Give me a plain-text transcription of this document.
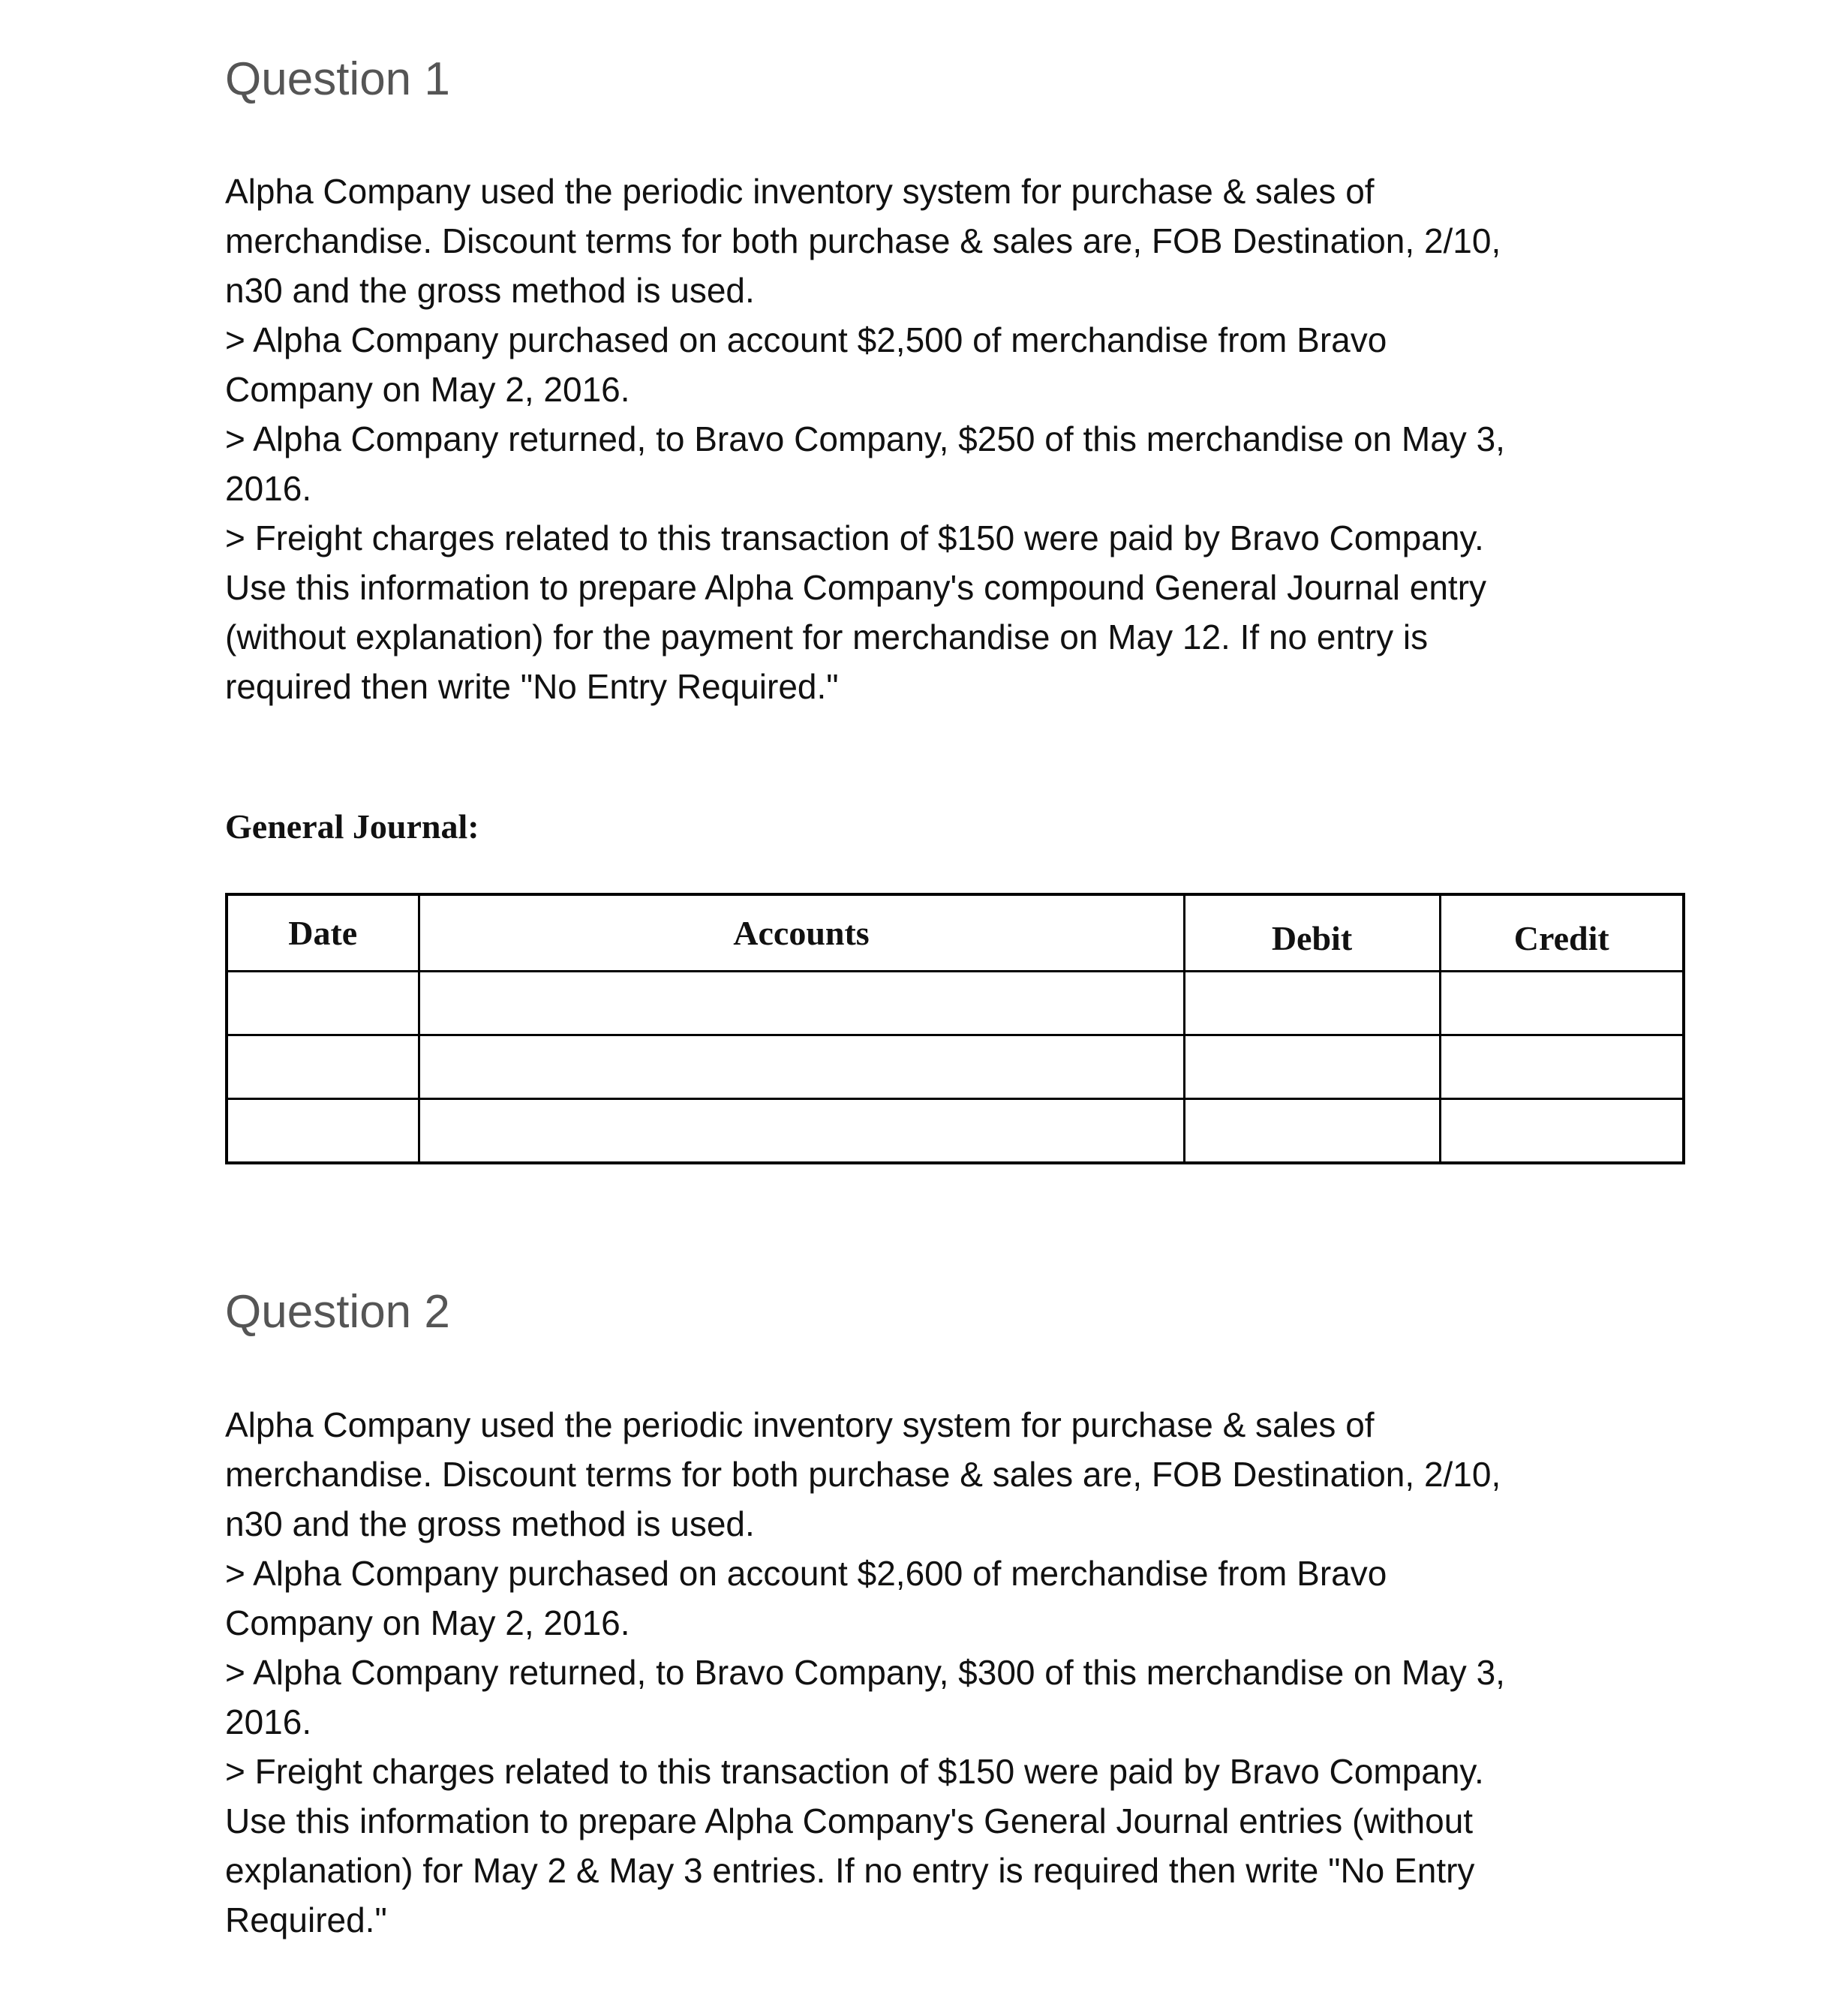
Question 1
Alpha Company used the periodic inventory system for purchase & sales of
merchandise. Discount terms for both purchase & sales are, FOB Destination, 2/10,
n30 and the gross method is used.
> Alpha Company purchased on account $2,500 of merchandise from Bravo
Company on May 2, 2016.
> Alpha Company returned, to Bravo Company, $250 of this merchandise on May 3,
2016.
> Freight charges related to this transaction of $150 were paid by Bravo Company.
Use this information to prepare Alpha Company's compound General Journal entry
(without explanation) for the payment for merchandise on May 12. If no entry is
required then write "No Entry Required."
General Journal:
Date	Accounts	Debit	Credit

Question 2
Alpha Company used the periodic inventory system for purchase & sales of
merchandise. Discount terms for both purchase & sales are, FOB Destination, 2/10,
n30 and the gross method is used.
> Alpha Company purchased on account $2,600 of merchandise from Bravo
Company on May 2, 2016.
> Alpha Company returned, to Bravo Company, $300 of this merchandise on May 3,
2016.
> Freight charges related to this transaction of $150 were paid by Bravo Company.
Use this information to prepare Alpha Company's General Journal entries (without
explanation) for May 2 & May 3 entries. If no entry is required then write "No Entry
Required."
